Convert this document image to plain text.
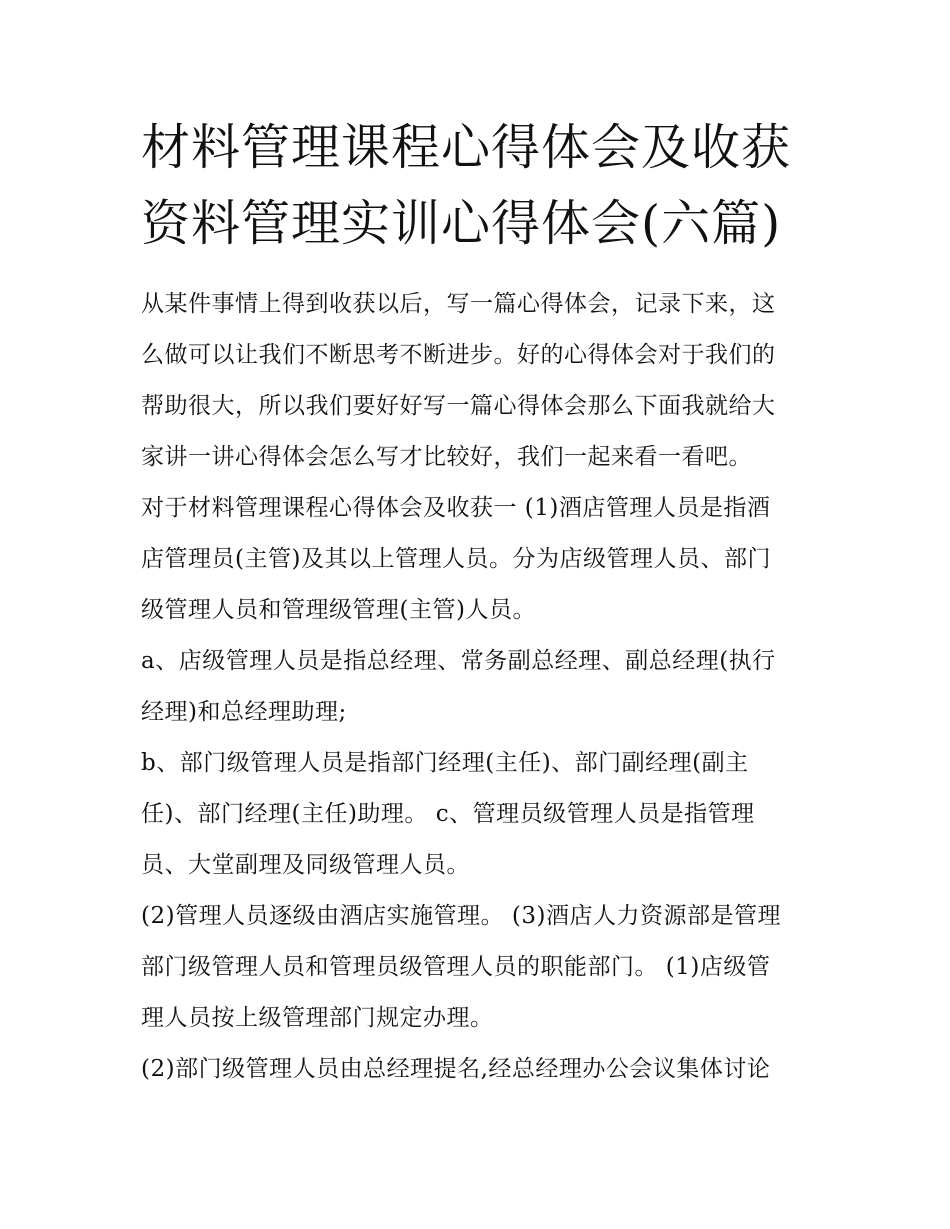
材料管理课程心得体会及收获
资料管理实训心得体会(六篇)
从某件事情上得到收获以后，写一篇心得体会，记录下来，这
么做可以让我们不断思考不断进步。好的心得体会对于我们的
帮助很大，所以我们要好好写一篇心得体会那么下面我就给大
家讲一讲心得体会怎么写才比较好，我们一起来看一看吧。
对于材料管理课程心得体会及收获一 (1)酒店管理人员是指酒
店管理员(主管)及其以上管理人员。分为店级管理人员、部门
级管理人员和管理级管理(主管)人员。
a、店级管理人员是指总经理、常务副总经理、副总经理(执行
经理)和总经理助理;
b、部门级管理人员是指部门经理(主任)、部门副经理(副主
任)、部门经理(主任)助理。 c、管理员级管理人员是指管理
员、大堂副理及同级管理人员。
(2)管理人员逐级由酒店实施管理。 (3)酒店人力资源部是管理
部门级管理人员和管理员级管理人员的职能部门。 (1)店级管
理人员按上级管理部门规定办理。
(2)部门级管理人员由总经理提名,经总经理办公会议集体讨论
